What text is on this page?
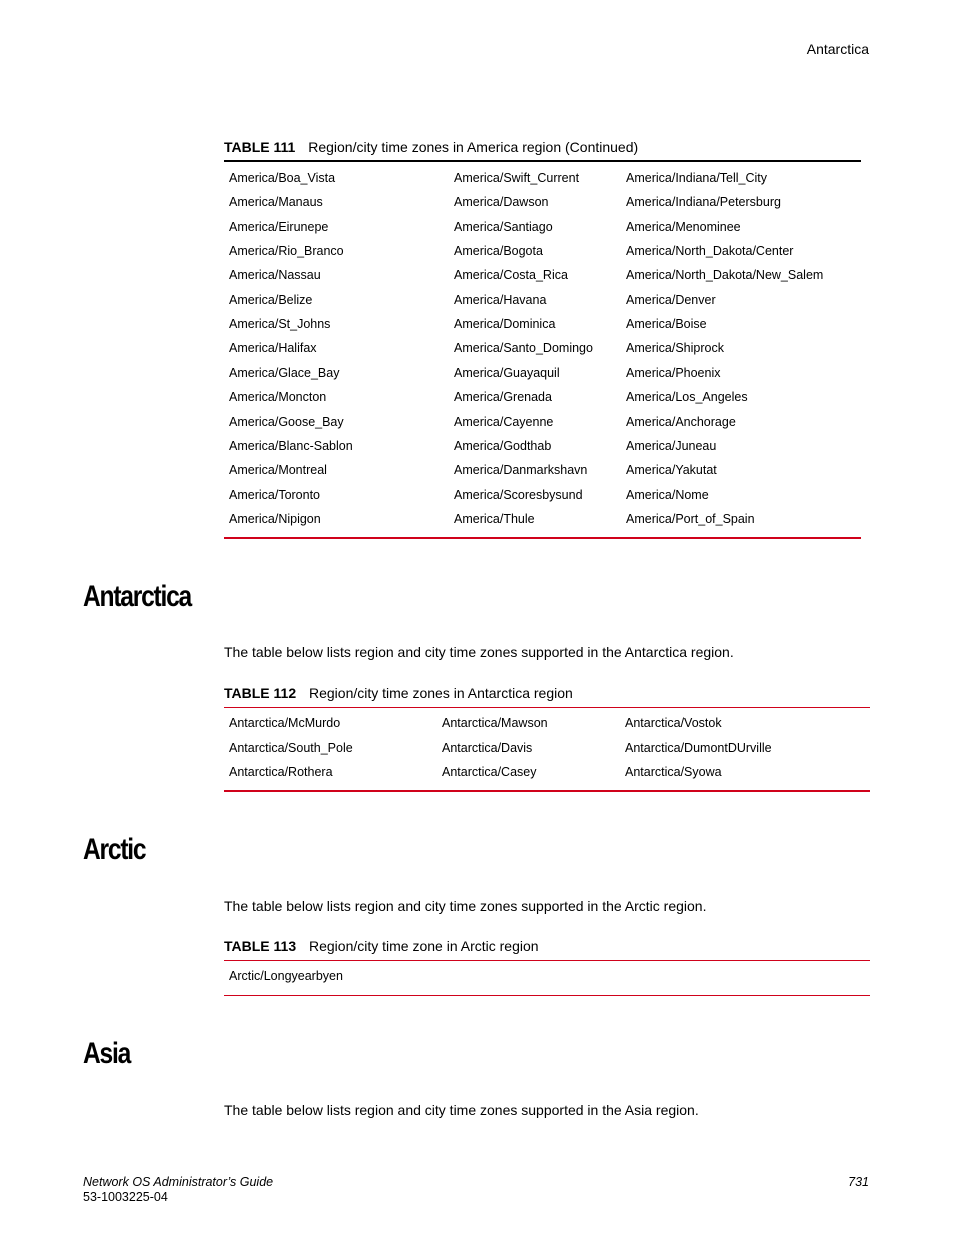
Antarctica
TABLE 111 Region/city time zones in America region (Continued)
America/Boa_Vista	America/Swift_Current	America/Indiana/Tell_City
America/Manaus	America/Dawson	America/Indiana/Petersburg
America/Eirunepe	America/Santiago	America/Menominee
America/Rio_Branco	America/Bogota	America/North_Dakota/Center
America/Nassau	America/Costa_Rica	America/North_Dakota/New_Salem
America/Belize	America/Havana	America/Denver
America/St_Johns	America/Dominica	America/Boise
America/Halifax	America/Santo_Domingo	America/Shiprock
America/Glace_Bay	America/Guayaquil	America/Phoenix
America/Moncton	America/Grenada	America/Los_Angeles
America/Goose_Bay	America/Cayenne	America/Anchorage
America/Blanc-Sablon	America/Godthab	America/Juneau
America/Montreal	America/Danmarkshavn	America/Yakutat
America/Toronto	America/Scoresbysund	America/Nome
America/Nipigon	America/Thule	America/Port_of_Spain
Antarctica
The table below lists region and city time zones supported in the Antarctica region.
TABLE 112 Region/city time zones in Antarctica region
Antarctica/McMurdo	Antarctica/Mawson	Antarctica/Vostok
Antarctica/South_Pole	Antarctica/Davis	Antarctica/DumontDUrville
Antarctica/Rothera	Antarctica/Casey	Antarctica/Syowa
Arctic
The table below lists region and city time zones supported in the Arctic region.
TABLE 113 Region/city time zone in Arctic region
Arctic/Longyearbyen
Asia
The table below lists region and city time zones supported in the Asia region.
Network OS Administrator’s Guide
53-1003225-04
731
